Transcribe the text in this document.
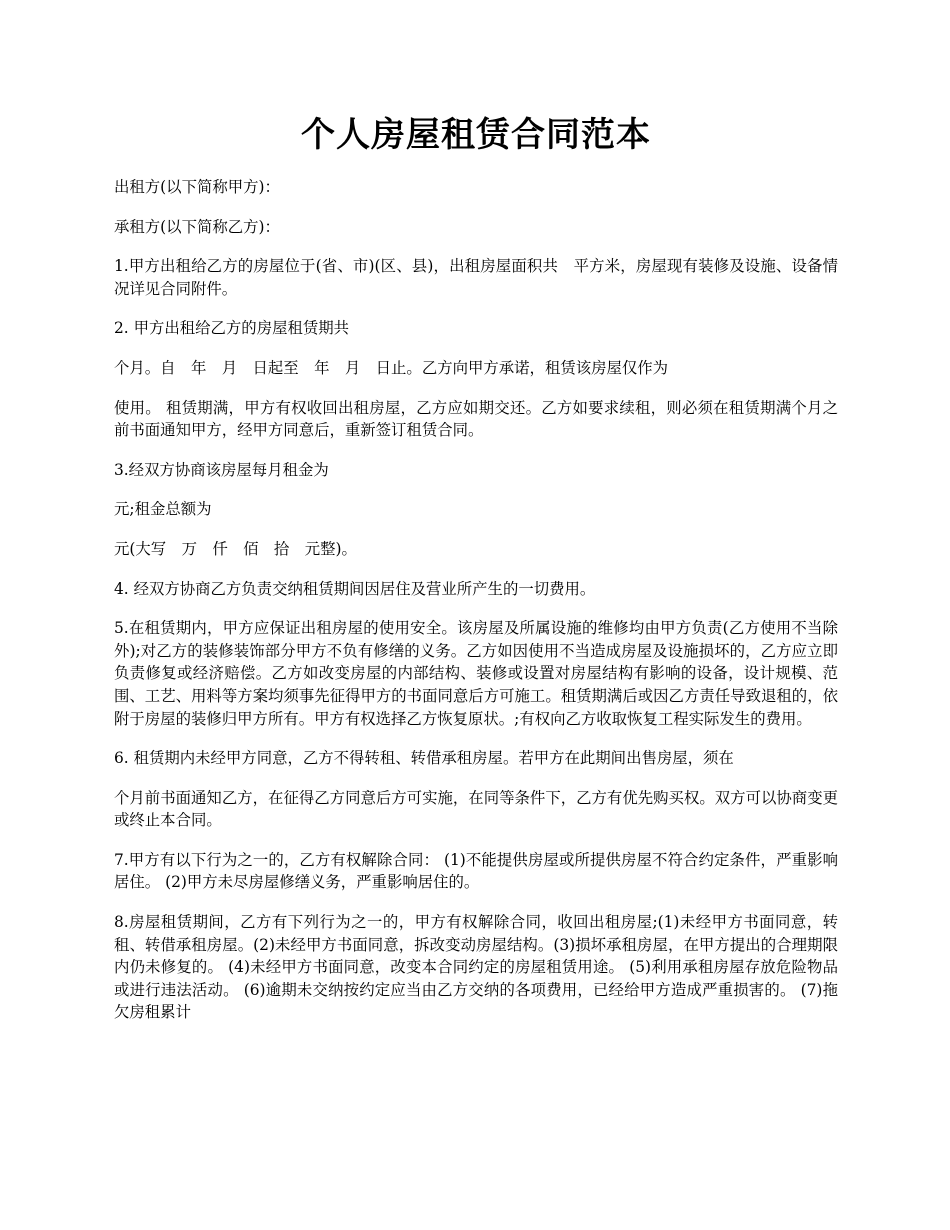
个人房屋租赁合同范本

出租方(以下简称甲方)：

承租方(以下简称乙方)：

1.甲方出租给乙方的房屋位于(省、市)(区、县)，出租房屋面积共　平方米，房屋现有装修及设施、设备情况详见合同附件。

2. 甲方出租给乙方的房屋租赁期共

个月。自　年　月　日起至　年　月　日止。乙方向甲方承诺，租赁该房屋仅作为

使用。 租赁期满，甲方有权收回出租房屋，乙方应如期交还。乙方如要求续租，则必须在租赁期满个月之前书面通知甲方，经甲方同意后，重新签订租赁合同。

3.经双方协商该房屋每月租金为

元;租金总额为

元(大写　万　仟　佰　拾　元整)。

4. 经双方协商乙方负责交纳租赁期间因居住及营业所产生的一切费用。

5.在租赁期内，甲方应保证出租房屋的使用安全。该房屋及所属设施的维修均由甲方负责(乙方使用不当除外);对乙方的装修装饰部分甲方不负有修缮的义务。乙方如因使用不当造成房屋及设施损坏的，乙方应立即负责修复或经济赔偿。乙方如改变房屋的内部结构、装修或设置对房屋结构有影响的设备，设计规模、范围、工艺、用料等方案均须事先征得甲方的书面同意后方可施工。租赁期满后或因乙方责任导致退租的，依附于房屋的装修归甲方所有。甲方有权选择乙方恢复原状。;有权向乙方收取恢复工程实际发生的费用。

6. 租赁期内未经甲方同意，乙方不得转租、转借承租房屋。若甲方在此期间出售房屋，须在

个月前书面通知乙方，在征得乙方同意后方可实施，在同等条件下，乙方有优先购买权。双方可以协商变更或终止本合同。

7.甲方有以下行为之一的，乙方有权解除合同： (1)不能提供房屋或所提供房屋不符合约定条件，严重影响居住。 (2)甲方未尽房屋修缮义务，严重影响居住的。

8.房屋租赁期间，乙方有下列行为之一的，甲方有权解除合同，收回出租房屋;(1)未经甲方书面同意，转租、转借承租房屋。(2)未经甲方书面同意，拆改变动房屋结构。(3)损坏承租房屋，在甲方提出的合理期限内仍未修复的。 (4)未经甲方书面同意，改变本合同约定的房屋租赁用途。 (5)利用承租房屋存放危险物品或进行违法活动。 (6)逾期未交纳按约定应当由乙方交纳的各项费用，已经给甲方造成严重损害的。 (7)拖欠房租累计
